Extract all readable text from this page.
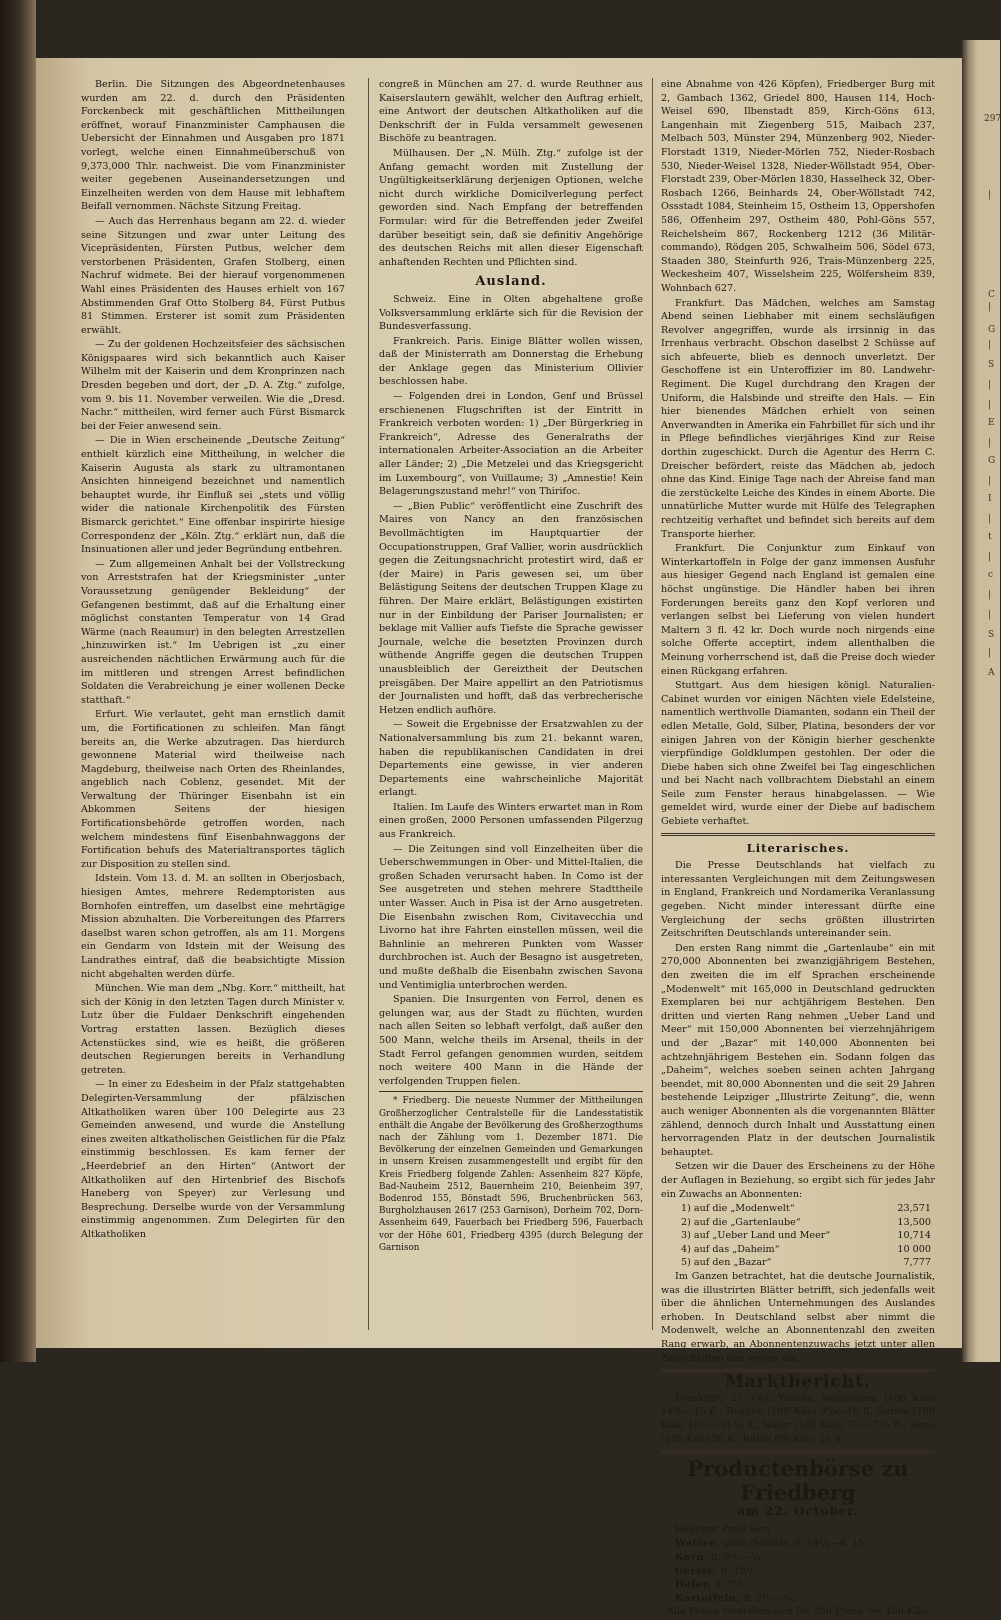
Berlin. Die Sitzungen des Abgeordnetenhauses wurden am 22. d. durch den Präsidenten Forckenbeck mit geschäftlichen Mittheilungen eröffnet, worauf Finanzminister Camphausen die Uebersicht der Einnahmen und Ausgaben pro 1871 vorlegt, welche einen Einnahmeüberschuß von 9,373,000 Thlr. nachweist. Die vom Finanzminister weiter gegebenen Auseinandersetzungen und Einzelheiten werden von dem Hause mit lebhaftem Beifall vernommen. Nächste Sitzung Freitag.

— Auch das Herrenhaus begann am 22. d. wieder seine Sitzungen und zwar unter Leitung des Vicepräsidenten, Fürsten Putbus, welcher dem verstorbenen Präsidenten, Grafen Stolberg, einen Nachruf widmete. Bei der hierauf vorgenommenen Wahl eines Präsidenten des Hauses erhielt von 167 Abstimmenden Graf Otto Stolberg 84, Fürst Putbus 81 Stimmen. Ersterer ist somit zum Präsidenten erwählt.

— Zu der goldenen Hochzeitsfeier des sächsischen Königspaares wird sich bekanntlich auch Kaiser Wilhelm mit der Kaiserin und dem Kronprinzen nach Dresden begeben und dort, der „D. A. Ztg.“ zufolge, vom 9. bis 11. November verweilen. Wie die „Dresd. Nachr.“ mittheilen, wird ferner auch Fürst Bismarck bei der Feier anwesend sein.

— Die in Wien erscheinende „Deutsche Zeitung“ enthielt kürzlich eine Mittheilung, in welcher die Kaiserin Augusta als stark zu ultramontanen Ansichten hinneigend bezeichnet und namentlich behauptet wurde, ihr Einfluß sei „stets und völlig wider die nationale Kirchenpolitik des Fürsten Bismarck gerichtet.“ Eine offenbar inspirirte hiesige Correspondenz der „Köln. Ztg.“ erklärt nun, daß die Insinuationen aller und jeder Begründung entbehren.

— Zum allgemeinen Anhalt bei der Vollstreckung von Arreststrafen hat der Kriegsminister „unter Voraussetzung genügender Bekleidung“ der Gefangenen bestimmt, daß auf die Erhaltung einer möglichst constanten Temperatur von 14 Grad Wärme (nach Reaumur) in den belegten Arrestzellen „hinzuwirken ist.“ Im Uebrigen ist „zu einer ausreichenden nächtlichen Erwärmung auch für die im mittleren und strengen Arrest befindlichen Soldaten die Verabreichung je einer wollenen Decke statthaft.“

Erfurt. Wie verlautet, geht man ernstlich damit um, die Fortificationen zu schleifen. Man fängt bereits an, die Werke abzutragen. Das hierdurch gewonnene Material wird theilweise nach Magdeburg, theilweise nach Orten des Rheinlandes, angeblich nach Coblenz, gesendet. Mit der Verwaltung der Thüringer Eisenbahn ist ein Abkommen Seitens der hiesigen Fortificationsbehörde getroffen worden, nach welchem mindestens fünf Eisenbahnwaggons der Fortification behufs des Materialtransportes täglich zur Disposition zu stellen sind.

Idstein. Vom 13. d. M. an sollten in Oberjosbach, hiesigen Amtes, mehrere Redemptoristen aus Bornhofen eintreffen, um daselbst eine mehrtägige Mission abzuhalten. Die Vorbereitungen des Pfarrers daselbst waren schon getroffen, als am 11. Morgens ein Gendarm von Idstein mit der Weisung des Landrathes eintraf, daß die beabsichtigte Mission nicht abgehalten werden dürfe.

München. Wie man dem „Nbg. Korr.“ mittheilt, hat sich der König in den letzten Tagen durch Minister v. Lutz über die Fuldaer Denkschrift eingehenden Vortrag erstatten lassen. Bezüglich dieses Actenstückes sind, wie es heißt, die größeren deutschen Regierungen bereits in Verhandlung getreten.

— In einer zu Edesheim in der Pfalz stattgehabten Delegirten-Versammlung der pfälzischen Altkatholiken waren über 100 Delegirte aus 23 Gemeinden anwesend, und wurde die Anstellung eines zweiten altkatholischen Geistlichen für die Pfalz einstimmig beschlossen. Es kam ferner der „Heerdebrief an den Hirten“ (Antwort der Altkatholiken auf den Hirtenbrief des Bischofs Haneberg von Speyer) zur Verlesung und Besprechung. Derselbe wurde von der Versammlung einstimmig angenommen. Zum Delegirten für den Altkatholiken

congreß in München am 27. d. wurde Reuthner aus Kaiserslautern gewählt, welcher den Auftrag erhielt, eine Antwort der deutschen Altkatholiken auf die Denkschrift der in Fulda versammelt gewesenen Bischöfe zu beantragen.

Mülhausen. Der „N. Mülh. Ztg.“ zufolge ist der Anfang gemacht worden mit Zustellung der Ungültigkeitserklärung derjenigen Optionen, welche nicht durch wirkliche Domicilverlegung perfect geworden sind. Nach Empfang der betreffenden Formular: wird für die Betreffenden jeder Zweifel darüber beseitigt sein, daß sie definitiv Angehörige des deutschen Reichs mit allen dieser Eigenschaft anhaftenden Rechten und Pflichten sind.

Ausland.

Schweiz. Eine in Olten abgehaltene große Volksversammlung erklärte sich für die Revision der Bundesverfassung.

Frankreich. Paris. Einige Blätter wollen wissen, daß der Ministerrath am Donnerstag die Erhebung der Anklage gegen das Ministerium Ollivier beschlossen habe.

— Folgenden drei in London, Genf und Brüssel erschienenen Flugschriften ist der Eintritt in Frankreich verboten worden: 1) „Der Bürgerkrieg in Frankreich“, Adresse des Generalraths der internationalen Arbeiter-Association an die Arbeiter aller Länder; 2) „Die Metzelei und das Kriegsgericht im Luxembourg“, von Vuillaume; 3) „Amnestie! Kein Belagerungszustand mehr!“ von Thirifoc.

— „Bien Public“ veröffentlicht eine Zuschrift des Maires von Nancy an den französischen Bevollmächtigten im Hauptquartier der Occupationstruppen, Graf Vallier, worin ausdrücklich gegen die Zeitungsnachricht protestirt wird, daß er (der Maire) in Paris gewesen sei, um über Belästigung Seitens der deutschen Truppen Klage zu führen. Der Maire erklärt, Belästigungen existirten nur in der Einbildung der Pariser Journalisten; er beklage mit Vallier aufs Tiefste die Sprache gewisser Journale, welche die besetzten Provinzen durch wüthende Angriffe gegen die deutschen Truppen unausbleiblich der Gereiztheit der Deutschen preisgäben. Der Maire appellirt an den Patriotismus der Journalisten und hofft, daß das verbrecherische Hetzen endlich aufhöre.

— Soweit die Ergebnisse der Ersatzwahlen zu der Nationalversammlung bis zum 21. bekannt waren, haben die republikanischen Candidaten in drei Departements eine gewisse, in vier anderen Departements eine wahrscheinliche Majorität erlangt.

Italien. Im Laufe des Winters erwartet man in Rom einen großen, 2000 Personen umfassenden Pilgerzug aus Frankreich.

— Die Zeitungen sind voll Einzelheiten über die Ueberschwemmungen in Ober- und Mittel-Italien, die großen Schaden verursacht haben. In Como ist der See ausgetreten und stehen mehrere Stadttheile unter Wasser. Auch in Pisa ist der Arno ausgetreten. Die Eisenbahn zwischen Rom, Civitavecchia und Livorno hat ihre Fahrten einstellen müssen, weil die Bahnlinie an mehreren Punkten vom Wasser durchbrochen ist. Auch der Besagno ist ausgetreten, und mußte deßhalb die Eisenbahn zwischen Savona und Ventimiglia unterbrochen werden.

Spanien. Die Insurgenten von Ferrol, denen es gelungen war, aus der Stadt zu flüchten, wurden nach allen Seiten so lebhaft verfolgt, daß außer den 500 Mann, welche theils im Arsenal, theils in der Stadt Ferrol gefangen genommen wurden, seitdem noch weitere 400 Mann in die Hände der verfolgenden Truppen fielen.

* Friedberg. Die neueste Nummer der Mittheilungen Großherzoglicher Centralstelle für die Landesstatistik enthält die Angabe der Bevölkerung des Großherzogthums nach der Zählung vom 1. Dezember 1871. Die Bevölkerung der einzelnen Gemeinden und Gemarkungen in unsern Kreisen zusammengestellt und ergibt für den Kreis Friedberg folgende Zahlen: Assenheim 827 Köpfe, Bad-Nauheim 2512, Bauernheim 210, Beienheim 397, Bodenrod 155, Bönstadt 596, Bruchenbrücken 563, Burgholzhausen 2617 (253 Garnison), Dorheim 702, Dorn-Assenheim 649, Fauerbach bei Friedberg 596, Fauerbach vor der Höhe 601, Friedberg 4395 (durch Belegung der Garnison

eine Abnahme von 426 Köpfen), Friedberger Burg mit 2, Gambach 1362, Griedel 800, Hausen 114, Hoch-Weisel 690, Ilbenstadt 859, Kirch-Göns 613, Langenhain mit Ziegenberg 515, Maibach 237, Melbach 503, Münster 294, Münzenberg 902, Nieder-Florstadt 1319, Nieder-Mörlen 752, Nieder-Rosbach 530, Nieder-Weisel 1328, Nieder-Wöllstadt 954, Ober-Florstadt 239, Ober-Mörlen 1830, Hasselheck 32, Ober-Rosbach 1266, Beinhards 24, Ober-Wöllstadt 742, Ossstadt 1084, Steinheim 15, Ostheim 13, Oppershofen 586, Offenheim 297, Ostheim 480, Pohl-Göns 557, Reichelsheim 867, Rockenberg 1212 (36 Militär-commando), Rödgen 205, Schwalheim 506, Södel 673, Staaden 380, Steinfurth 926, Trais-Münzenberg 225, Weckesheim 407, Wisselsheim 225, Wölfersheim 839, Wohnbach 627.

Frankfurt. Das Mädchen, welches am Samstag Abend seinen Liebhaber mit einem sechsläufigen Revolver angegriffen, wurde als irrsinnig in das Irrenhaus verbracht. Obschon daselbst 2 Schüsse auf sich abfeuerte, blieb es dennoch unverletzt. Der Geschoffene ist ein Unteroffizier im 80. Landwehr-Regiment. Die Kugel durchdrang den Kragen der Uniform, die Halsbinde und streifte den Hals. — Ein hier bienendes Mädchen erhielt von seinen Anverwandten in Amerika ein Fahrbillet für sich und ihr in Pflege befindliches vierjähriges Kind zur Reise dorthin zugeschickt. Durch die Agentur des Herrn C. Dreischer befördert, reiste das Mädchen ab, jedoch ohne das Kind. Einige Tage nach der Abreise fand man die zerstückelte Leiche des Kindes in einem Aborte. Die unnatürliche Mutter wurde mit Hülfe des Telegraphen rechtzeitig verhaftet und befindet sich bereits auf dem Transporte hierher.

Frankfurt. Die Conjunktur zum Einkauf von Winterkartoffeln in Folge der ganz immensen Ausfuhr aus hiesiger Gegend nach England ist gemalen eine höchst ungünstige. Die Händler haben bei ihren Forderungen bereits ganz den Kopf verloren und verlangen selbst bei Lieferung von vielen hundert Maltern 3 fl. 42 kr. Doch wurde noch nirgends eine solche Offerte acceptirt, indem allenthalben die Meinung vorherrschend ist, daß die Preise doch wieder einen Rückgang erfahren.

Stuttgart. Aus dem hiesigen königl. Naturalien-Cabinet wurden vor einigen Nächten viele Edelsteine, namentlich werthvolle Diamanten, sodann ein Theil der edlen Metalle, Gold, Silber, Platina, besonders der vor einigen Jahren von der Königin hierher geschenkte vierpfündige Goldklumpen gestohlen. Der oder die Diebe haben sich ohne Zweifel bei Tag eingeschlichen und bei Nacht nach vollbrachtem Diebstahl an einem Seile zum Fenster heraus hinabgelassen. — Wie gemeldet wird, wurde einer der Diebe auf badischem Gebiete verhaftet.

Literarisches.

Die Presse Deutschlands hat vielfach zu interessanten Vergleichungen mit dem Zeitungswesen in England, Frankreich und Nordamerika Veranlassung gegeben. Nicht minder interessant dürfte eine Vergleichung der sechs größten illustrirten Zeitschriften Deutschlands untereinander sein.

Den ersten Rang nimmt die „Gartenlaube“ ein mit 270,000 Abonnenten bei zwanzigjährigem Bestehen, den zweiten die im elf Sprachen erscheinende „Modenwelt“ mit 165,000 in Deutschland gedruckten Exemplaren bei nur achtjährigem Bestehen. Den dritten und vierten Rang nehmen „Ueber Land und Meer“ mit 150,000 Abonnenten bei vierzehnjährigem und der „Bazar“ mit 140,000 Abonnenten bei achtzehnjährigem Bestehen ein. Sodann folgen das „Daheim“, welches soeben seinen achten Jahrgang beendet, mit 80,000 Abonnenten und die seit 29 Jahren bestehende Leipziger „Illustrirte Zeitung“, die, wenn auch weniger Abonnenten als die vorgenannten Blätter zählend, dennoch durch Inhalt und Ausstattung einen hervorragenden Platz in der deutschen Journalistik behauptet.

Setzen wir die Dauer des Erscheinens zu der Höhe der Auflagen in Beziehung, so ergibt sich für jedes Jahr ein Zuwachs an Abonnenten:

1) auf die „Modenwelt“	23,571
2) auf die „Gartenlaube“	13,500
3) auf „Ueber Land und Meer“	10,714
4) auf das „Daheim“	10 000
5) auf den „Bazar“	7,777

Im Ganzen betrachtet, hat die deutsche Journalistik, was die illustrirten Blätter betrifft, sich jedenfalls weit über die ähnlichen Unternehmungen des Auslandes erhoben. In Deutschland selbst aber nimmt die Modenwelt, welche an Abonnentenzahl den zweiten Rang erwarb, an Abonnentenzuwachs jetzt unter allen Zeitschriften den ersten ein.

Marktbericht.

Frankfurt, 21. Oct. Waizen, wetterauer, (100 Kilo) 14³/₄—15 fl., Roggen (100 Kilo) 9⁵/₈—10 fl. Gerste (100 Kilo) 10¹/₂—11³/₄ fl., Hafer (100 Kilo) 7¹/₂—7³/₄ fl., Repo (100 Kilo) 20 fl., Rüböl (50 Kilo) 23 fl.

Productenbörse zu Friedberg
am 22. October.

Heutiger Preis loco

Waizen, gute Qualität, fl. 14³/₄—fl. 15.
Korn, fl. 9¹/₂—³/₄.
Gerste, fl. 10¹/₂.
Hafer, fl. 7¹/₂.
Kartoffeln, fl. 2¹/₂—³/₄.

Alle Preise verstehen sich für 200 Pfund == 100 Kilo.

297
|
C
|
G
|
S
|
|
E
|
G
|
I
|
t
|
c
|
|
S
|
A
